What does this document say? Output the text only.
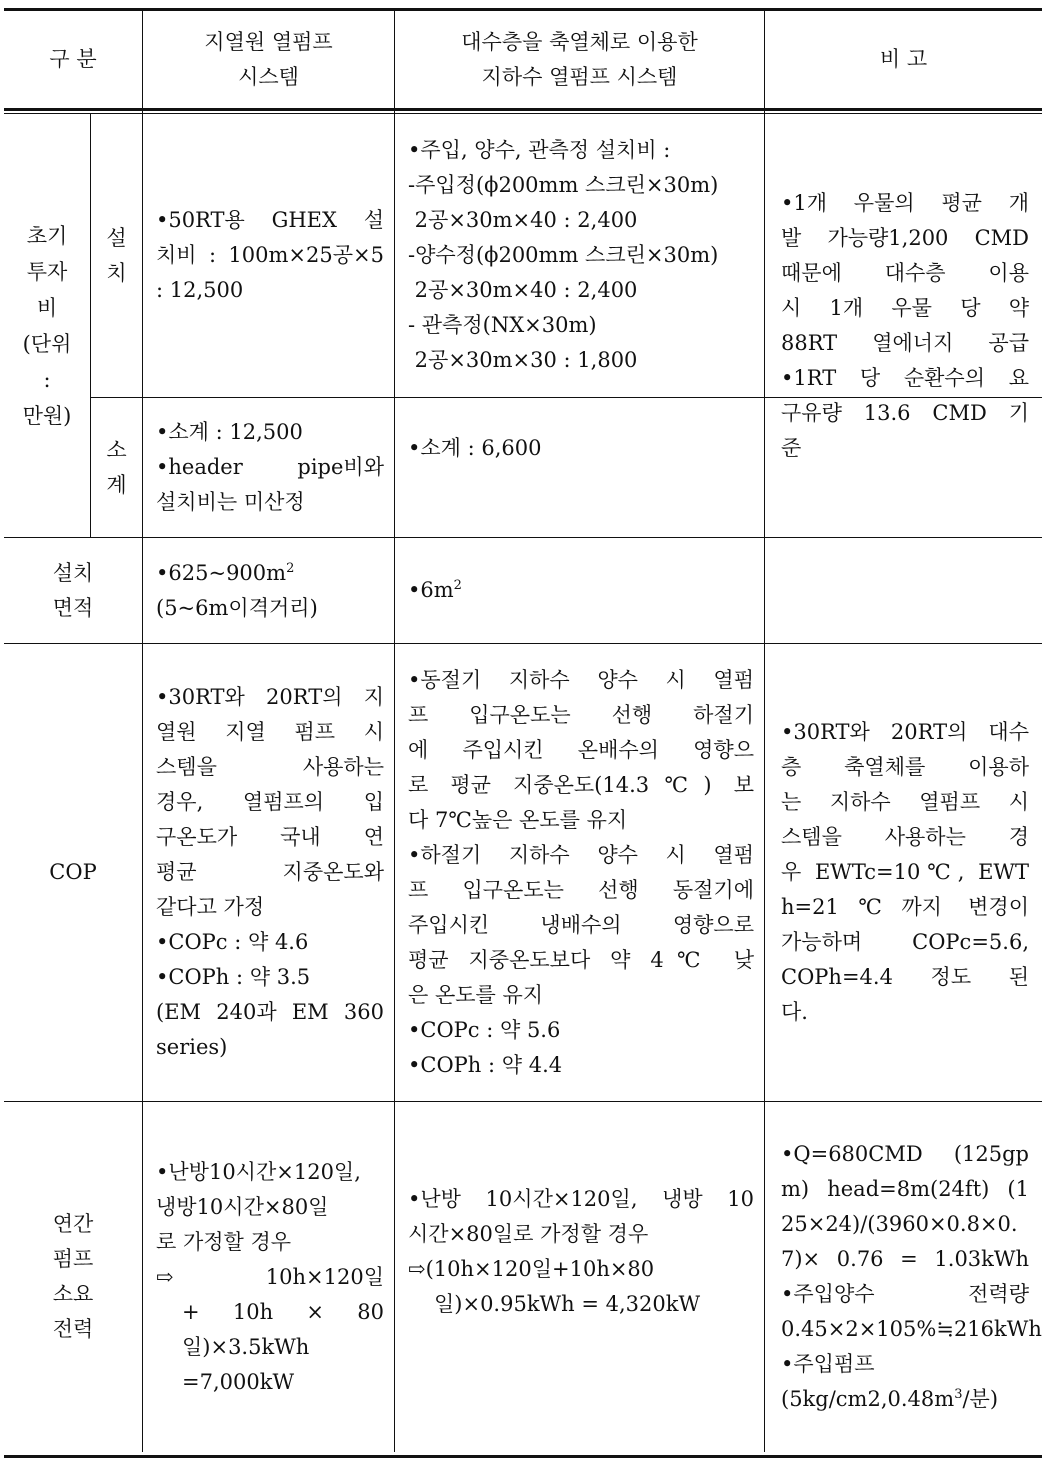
구 분
지열원 열펌프
시스템
대수층을 축열체로 이용한
지하수 열펌프 시스템
비 고
초기
투자
비
(단위
:
만원)
설
치
소
계
•50RT용 GHEX 설
치비 : 100m×25공×5
: 12,500
•주입, 양수, 관측정 설치비 :
-주입정(ϕ200mm 스크린×30m)
2공×30m×40 : 2,400
-양수정(ϕ200mm 스크린×30m)
2공×30m×40 : 2,400
- 관측정(NX×30m)
2공×30m×30 : 1,800
•소계 : 12,500
•header pipe비와
설치비는 미산정
•소계 : 6,600
•1개 우물의 평균 개
발 가능량1,200 CMD
때문에 대수층 이용
시 1개 우물 당 약
88RT 열에너지 공급
•1RT 당 순환수의 요
구유량 13.6 CMD 기
준
설치
면적
$•625\sim 900m^2$
(5~6m이격거리)
$•6m^2$
COP
•30RT와 20RT의 지
열원 지열 펌프 시
스템을 사용하는
경우, 열펌프의 입
구온도가 국내 연
평균 지중온도와
같다고 가정
•COPc : 약 4.6
•COPh : 약 3.5
(EM 240과 EM 360
series)
•동절기 지하수 양수 시 열펌
프 입구온도는 선행 하절기
에 주입시킨 온배수의 영향으
로 평균 지중온도(14.3℃) 보
다 7℃높은 온도를 유지
•하절기 지하수 양수 시 열펌
프 입구온도는 선행 동절기에
주입시킨 냉배수의 영향으로
평균 지중온도보다 약 4℃ 낮
은 온도를 유지
•COPc : 약 5.6
•COPh : 약 4.4
•30RT와 20RT의 대수
층 축열체를 이용하
는 지하수 열펌프 시
스템을 사용하는 경
우 EWTc=10℃, EWT
h=21℃까지 변경이
가능하며 COPc=5.6,
COPh=4.4 정도 된
다.
연간
펌프
소요
전력
•난방10시간×120일,
냉방10시간×80일
로 가정할 경우
⇨ 10h×120일
+ 10h × 80
일)×3.5kWh
=7,000kW
•난방 10시간×120일, 냉방 10
시간×80일로 가정할 경우
⇨(10h×120일+10h×80
일)×0.95kWh = 4,320kW
•Q=680CMD (125gp
m) head=8m(24ft) (1
25×24)/(3960×0.8×0.
7)× 0.76 = 1.03kWh
•주입양수 전력량
0.45×2×105%≒216kWh
•주입펌프
($5kg/cm2,0.48m^3/$분)
